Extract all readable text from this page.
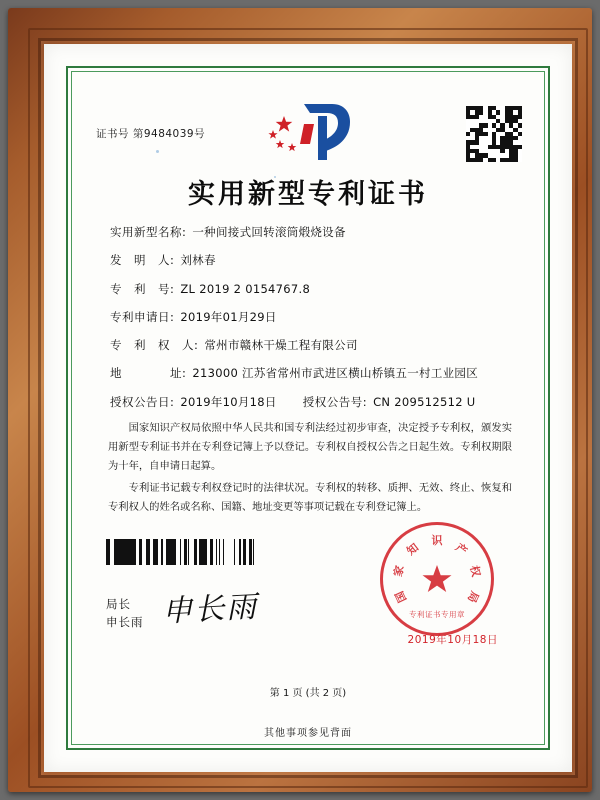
证书号 第9484039号
实用新型专利证书
实用新型名称: 一种间接式回转滚筒煅烧设备
发　明　人: 刘林春
专　利　号: ZL 2019 2 0154767.8
专利申请日: 2019年01月29日
专　利　权　人: 常州市赣林干燥工程有限公司
地　　　　址: 213000 江苏省常州市武进区横山桥镇五一村工业园区
授权公告日: 2019年10月18日 授权公告号: CN 209512512 U

国家知识产权局依照中华人民共和国专利法经过初步审查，决定授予专利权，颁发实用新型专利证书并在专利登记簿上予以登记。专利权自授权公告之日起生效。专利权期限为十年，自申请日起算。

专利证书记载专利权登记时的法律状况。专利权的转移、质押、无效、终止、恢复和专利权人的姓名或名称、国籍、地址变更等事项记载在专利登记簿上。

国
家
知 识 产
权
局
专利证书专用章
2019年10月18日
局长
申长雨 申长雨
第 1 页 (共 2 页)
其他事项参见背面
